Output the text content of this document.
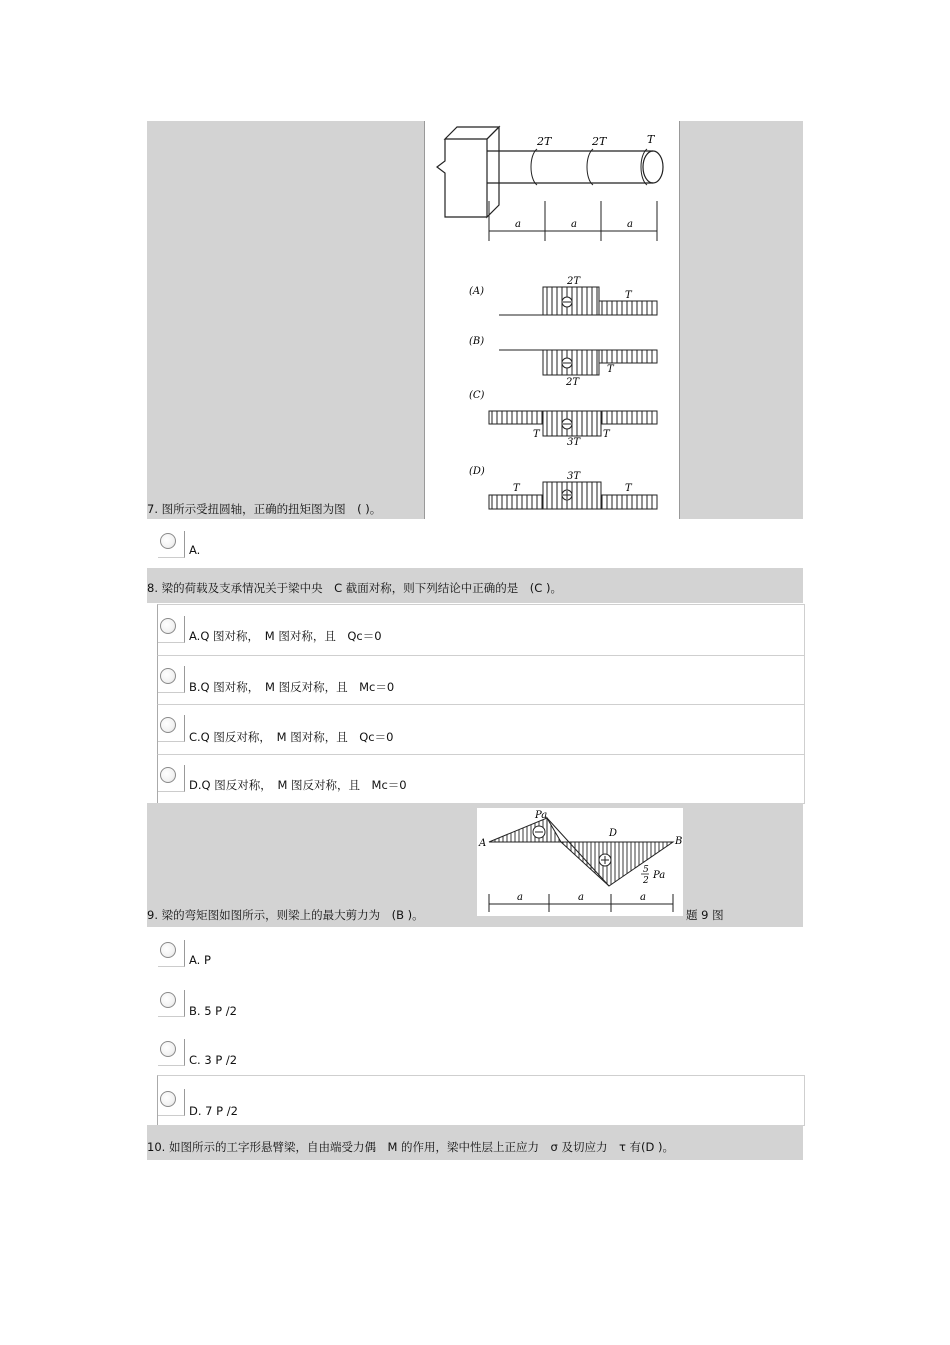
2T	2T	T
a	a	a
(A)
2T
T
(B)
2T
T
(C)
T
3T
T
(D)	3T
T	T
7. 图所示受扭圆轴，正确的扭矩图为图　( )。
A.
8. 梁的荷载及支承情况关于梁中央　C 截面对称，则下列结论中正确的是　(C )。
A.Q 图对称，　M 图对称，且　Qc＝0
B.Q 图对称，　M 图反对称，且　Mc＝0
C.Q 图反对称，　M 图对称，且　Qc＝0
D.Q 图反对称，　M 图反对称，且　Mc＝0
A	B
D
Pa
5
2 Pa
a	a	a
9. 梁的弯矩图如图所示，则梁上的最大剪力为　(B )。	题 9 图
A. P
B. 5 P /2
C. 3 P /2
D. 7 P /2
10. 如图所示的工字形悬臂梁，自由端受力偶　M 的作用，梁中性层上正应力　σ 及切应力　τ 有(D )。
